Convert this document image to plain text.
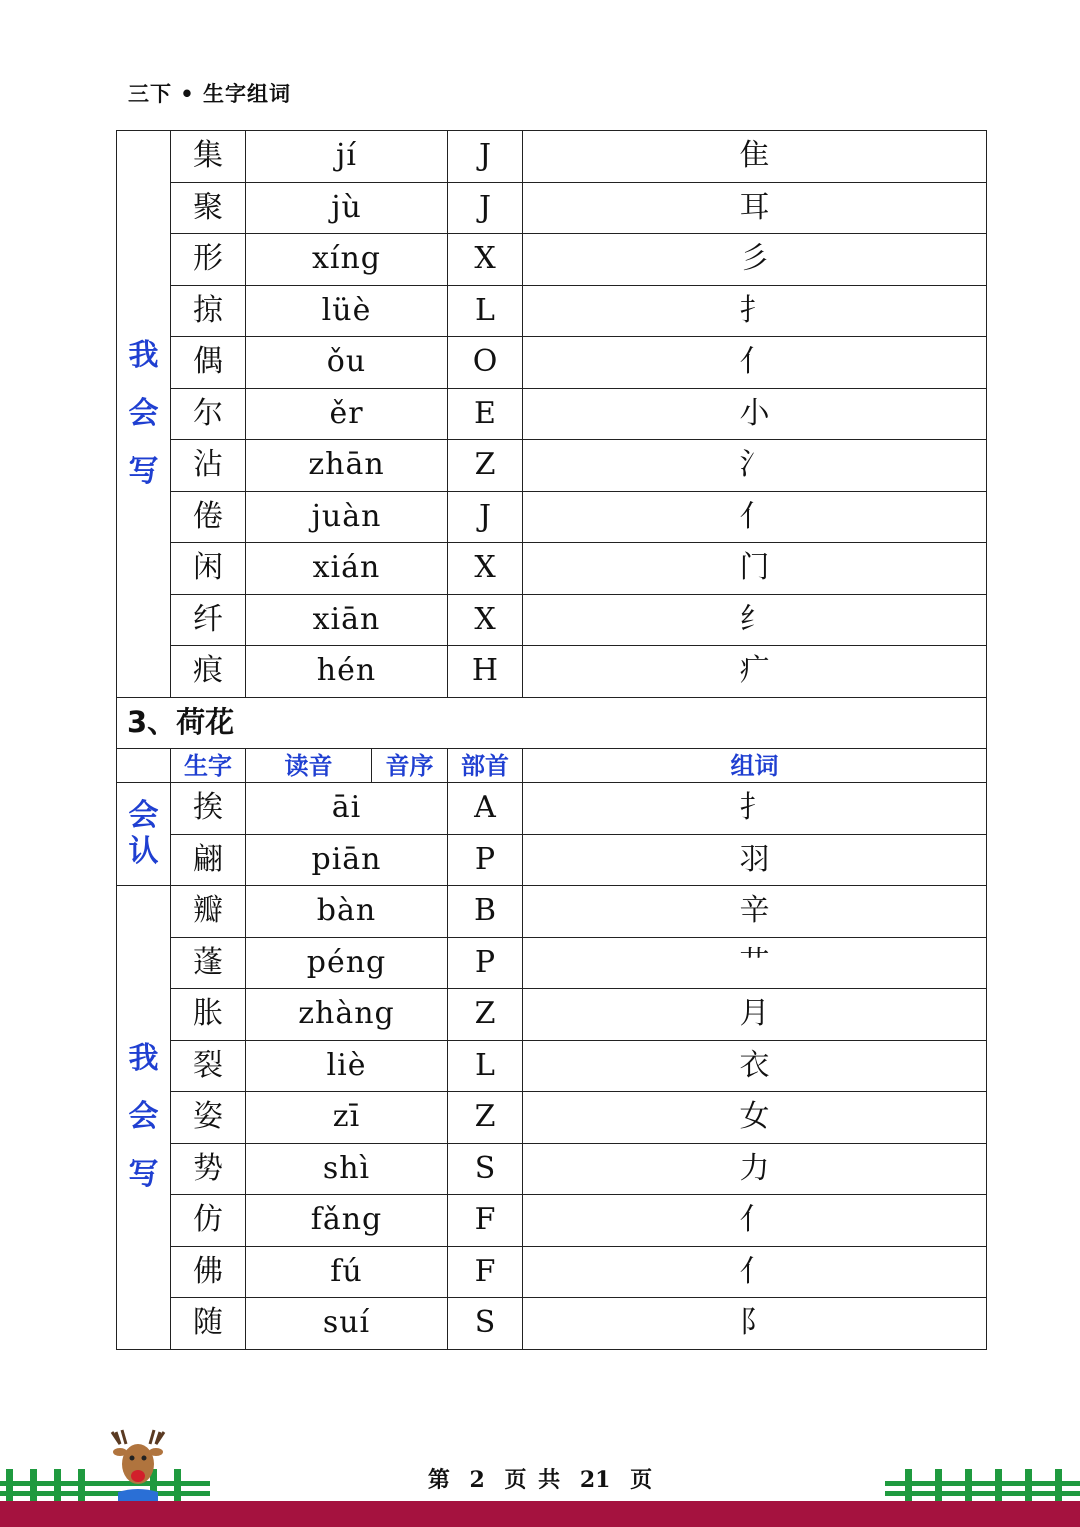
三下 • 生字组词
我
会
写	集	jí		J	隹	
	聚	jù		J	耳	
	形	xíng		X	彡	
	掠	lüè		L	扌	
	偶	ǒu		O	亻	
	尔	ěr		E	小	
	沾	zhān		Z	氵	
	倦	juàn		J	亻	
	闲	xián		X	门	
	纤	xiān		X	纟	
	痕	hén		H	疒	
3、荷花						
	生字	读音	音序	部首	组词	

会
认	挨	āi		A	扌	
	翩	piān		P	羽	

我
会
写	瓣	bàn		B	辛	
	蓬	péng		P	艹	
	胀	zhàng		Z	月	
	裂	liè		L	衣	
	姿	zī		Z	女	
	势	shì		S	力	
	仿	fǎng		F	亻	
	佛	fú		F	亻	
	随	suí		S	阝	
第 2 页 共 21 页
